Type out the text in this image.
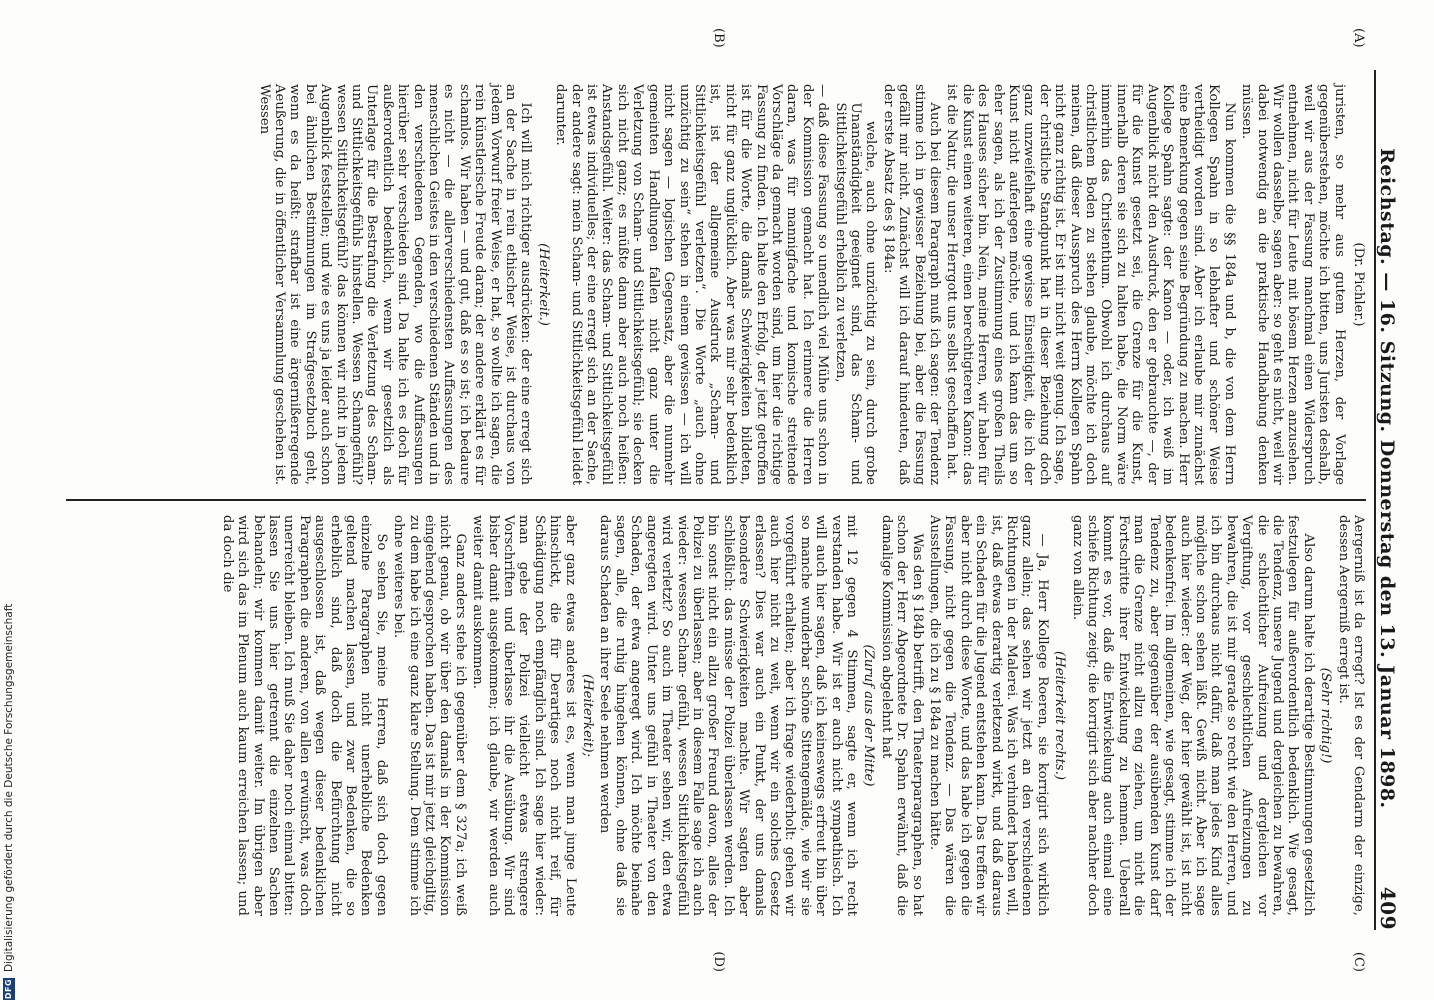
Reichstag. — 16. Sitzung. Donnerstag den 13. Januar 1898.
409
(A)
(B)

(Dr. Pichler.)

juristen, so mehr aus gutem Herzen, der Vorlage gegenüberstehen, möchte ich bitten, uns Juristen deshalb, weil wir aus der Fassung manchmal einen Widerspruch entnehmen, nicht für Leute mit bösem Herzen anzusehen. Wir wollen dasselbe, sagen aber: so geht es nicht, weil wir dabei notwendig an die praktische Handhabung denken müssen.

Nun kommen die §§ 184a und b, die von dem Herrn Kollegen Spahn in so lebhafter und schöner Weise vertheidigt worden sind. Aber ich erlaube mir zunächst eine Bemerkung gegen seine Begründung zu machen. Herr Kollege Spahn sagte: der Kanon — oder, ich weiß im Augenblick nicht den Ausdruck, den er gebrauchte —, der für die Kunst gesetzt sei, die Grenze für die Kunst, innerhalb deren sie sich zu halten habe, die Norm wäre immerhin das Christenthum. Obwohl ich durchaus auf christlichem Boden zu stehen glaube, möchte ich doch meinen, daß dieser Ausspruch des Herrn Kollegen Spahn nicht ganz richtig ist. Er ist mir nicht weit genug. Ich sage, der christliche Standpunkt hat in dieser Beziehung doch ganz unzweifelhaft eine gewisse Einseitigkeit, die ich der Kunst nicht auferlegen möchte, und ich kann das um so eher sagen, als ich der Zustimmung eines großen Theils des Hauses sicher bin. Nein, meine Herren, wir haben für die Kunst einen weiteren, einen berechtigteren Kanon: das ist die Natur, die unser Herrgott uns selbst geschaffen hat.

Auch bei diesem Paragraph muß ich sagen: der Tendenz stimme ich in gewisser Beziehung bei, aber die Fassung gefällt mir nicht. Zunächst will ich darauf hindeuten, daß der erste Absatz des § 184a:

welche, auch ohne unzüchtig zu sein, durch grobe Unanständigkeit geeignet sind, das Scham- und Sittlichkeitsgefühl erheblich zu verletzen,

— daß diese Fassung so unendlich viel Mühe uns schon in der Kommission gemacht hat. Ich erinnere die Herren daran, was für mannigfache und komische streitende Vorschläge da gemacht worden sind, um hier die richtige Fassung zu finden. Ich halte den Erfolg, der jetzt getroffen ist für die Worte, die damals Schwierigkeiten bildeten, nicht für ganz unglücklich. Aber was mir sehr bedenklich ist, ist der allgemeine Ausdruck „Scham- und Sittlichkeitsgefühl verletzen“. Die Worte „auch ohne unzüchtig zu sein“ stehen in einem gewissen — ich will nicht sagen — logischen Gegensatz, aber die nunmehr gemeinten Handlungen fallen nicht ganz unter die Verletzung von Scham- und Sittlichkeitsgefühl; sie decken sich nicht ganz; es müßte dann aber auch noch heißen: Anstandsgefühl. Weiter: das Scham- und Sittlichkeitsgefühl ist etwas individuelles; der eine erregt sich an der Sache, der andere sagt: mein Scham- und Sittlichkeitsgefühl leidet darunter.

(Heiterkeit.)

Ich will mich richtiger ausdrücken: der eine erregt sich an der Sache in rein ethischer Weise, ist durchaus von jedem Vorwurf freier Weise, er hat, so wollte ich sagen, die rein künstlerische Freude daran; der andere erklärt es für schamlos. Wir haben — und gut, daß es so ist; ich bedaure es nicht — die allerverschiedensten Auffassungen des menschlichen Geistes in den verschiedenen Ständen und in den verschiedenen Gegenden, wo die Auffassungen hierüber sehr verschieden sind. Da halte ich es doch für außerordentlich bedenklich, wenn wir gesetzlich als Unterlage für die Bestrafung die Verletzung des Scham- und Sittlichkeitsgefühls hinstellen. Wessen Schamgefühl? wessen Sittlichkeitsgefühl? das können wir nicht in jedem Augenblick feststellen; und wie es uns ja leider auch schon bei ähnlichen Bestimmungen im Strafgesetzbuch geht, wenn es da heißt: strafbar ist eine ärgernißerregende Aeußerung, die in öffentlicher Versammlung geschehen ist. Wessen

(C)
(D)

Aergerniß ist da erregt? Ist es der Gendarm der einzige, dessen Aergerniß erregt ist.

(Sehr richtig!)

Also darum halte ich derartige Bestimmungen gesetzlich festzulegen für außerordentlich bedenklich. Wie gesagt, die Tendenz, unsere Jugend und dergleichen zu bewahren, die schlechtlicher Aufreizung und dergleichen vor Vergiftung, vor geschlechtlichen Aufreizungen zu bewahren, die ist mir gerade so recht wie den Herren, und ich bin durchaus nicht dafür, daß man jedes Kind alles mögliche schon sehen läßt. Gewiß nicht. Aber ich sage auch hier wieder: der Weg, der hier gewählt ist, ist nicht bedenkenfrei. Im allgemeinen, wie gesagt, stimme ich der Tendenz zu, aber gegenüber der ausübenden Kunst darf man die Grenze nicht allzu eng ziehen, um nicht die Fortschritte ihrer Entwickelung zu hemmen. Ueberall kommt es vor, daß die Entwickelung auch einmal eine schiefe Richtung zeigt; die korrigirt sich aber nachher doch ganz von allein.

(Heiterkeit rechts.)

— Ja, Herr Kollege Roeren, sie korrigirt sich wirklich ganz allein; das sehen wir jetzt an den verschiedenen Richtungen in der Malerei. Was ich verhindert haben will, ist, daß etwas derartig verletzend wirkt, und daß daraus ein Schaden für die Jugend entstehen kann. Das treffen wir aber nicht durch diese Worte, und das habe ich gegen die Fassung, nicht gegen die Tendenz. — Das wären die Ausstellungen, die ich zu § 184a zu machen hätte.

Was den § 184b betrifft, den Theaterparagraphen, so hat schon der Herr Abgeordnete Dr. Spahn erwähnt, daß die damalige Kommission abgelehnt hat

(Zuruf aus der Mitte)

mit 12 gegen 4 Stimmen, sagte er, wenn ich recht verstanden habe. Wir ist er auch nicht sympathisch. Ich will auch hier sagen, daß ich keineswegs erfreut bin über so manche wunderbar schöne Sittengemälde, wie wir sie vorgeführt erhalten; aber ich frage wiederholt: gehen wir auch hier nicht zu weit, wenn wir ein solches Gesetz erlassen? Dies war auch ein Punkt, der uns damals besondere Schwierigkeiten machte. Wir sagten aber schließlich: das müsse der Polizei überlassen werden. Ich bin sonst nicht ein allzu großer Freund davon, alles der Polizei zu überlassen; aber in diesem Falle sage ich auch wieder: wessen Scham- gefühl, wessen Sittlichkeitsgefühl wird verletzt? So auch im Theater sehen wir, den etwa angeregten wird. Unter uns gefühl in Theater von den Schaden, der etwa angeregt wird. Ich möchte beinahe sagen, alle, die ruhig hingehen können, ohne daß sie daraus Schaden an ihrer Seele nehmen werden

(Heiterkeit);

aber ganz etwas anderes ist es, wenn man junge Leute hinschickt, die für Derartiges noch nicht reif, für Schädigung noch empfänglich sind. Ich sage hier wieder: man gebe der Polizei vielleicht etwas strengere Vorschriften und überlasse ihr die Ausübung. Wir sind bisher damit ausgekommen; ich glaube, wir werden auch weiter damit auskommen.

Ganz anders stehe ich gegenüber dem § 327a; ich weiß nicht genau, ob wir über den damals in der Kommission eingehend gesprochen haben. Das ist mir jetzt gleichgiltig, zu dem habe ich eine ganz klare Stellung. Dem stimme ich ohne weiteres bei.

So sehen Sie, meine Herren, daß sich doch gegen einzelne Paragraphen nicht unerhebliche Bedenken geltend machen lassen, und zwar Bedenken, die so erheblich sind, daß doch die Befürchtung nicht ausgeschlossen ist, daß wegen dieser bedenklichen Paragraphen die anderen, von allen erwünscht, was doch unerreicht bleiben. Ich muß Sie daher noch einmal bitten: lassen Sie uns hier getrennt die einzelnen Sachen behandeln; wir kommen damit weiter. Im übrigen aber wird sich das im Plenum auch kaum erreichen lassen; und da doch die

DFGDigitalisierung gefördert durch die Deutsche Forschungsgemeinschaft
